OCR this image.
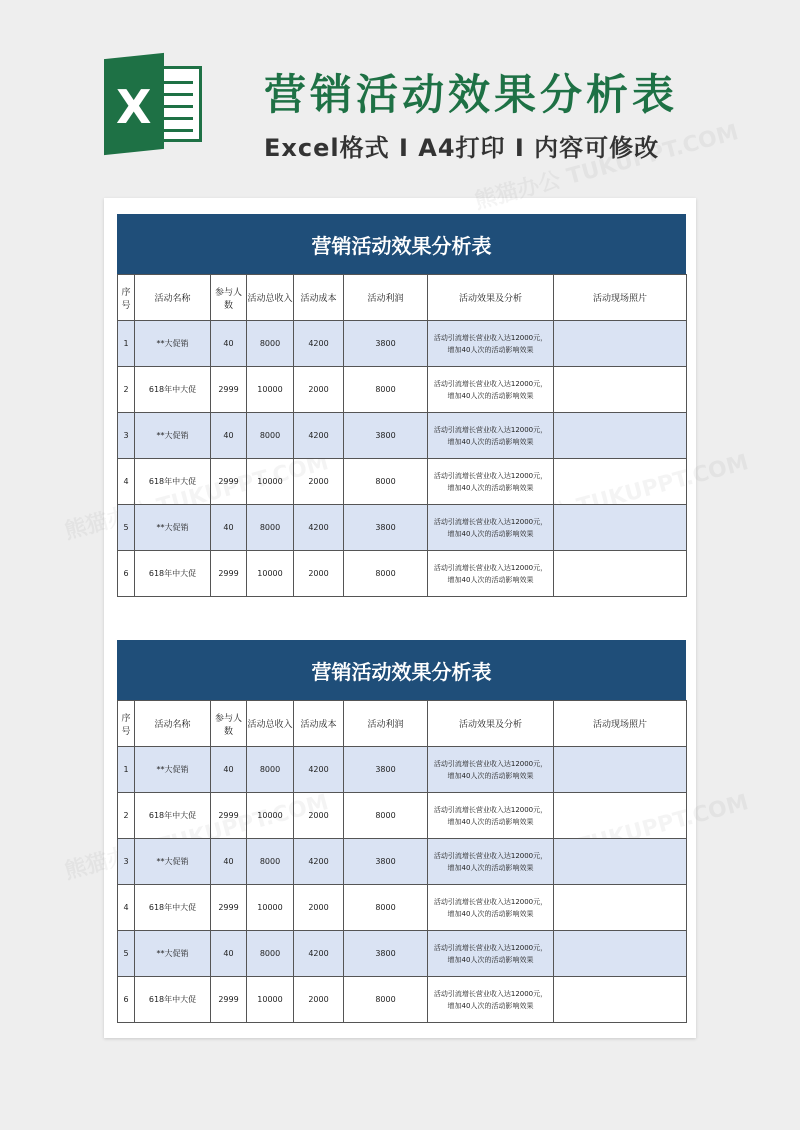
X	营销活动效果分析表
Excel格式 I A4打印 I 内容可修改
营销活动效果分析表
序号	活动名称	参与人数	活动总收入	活动成本	活动利润	活动效果及分析	活动现场照片
1	**大促销	40	8000	4200	3800	活动引流增长营业收入达12000元，增加40人次的活动影响效果	
2	618年中大促	2999	10000	2000	8000	活动引流增长营业收入达12000元，增加40人次的活动影响效果	
3	**大促销	40	8000	4200	3800	活动引流增长营业收入达12000元，增加40人次的活动影响效果	
4	618年中大促	2999	10000	2000	8000	活动引流增长营业收入达12000元，增加40人次的活动影响效果	
5	**大促销	40	8000	4200	3800	活动引流增长营业收入达12000元，增加40人次的活动影响效果	
6	618年中大促	2999	10000	2000	8000	活动引流增长营业收入达12000元，增加40人次的活动影响效果	
营销活动效果分析表
序号	活动名称	参与人数	活动总收入	活动成本	活动利润	活动效果及分析	活动现场照片
1	**大促销	40	8000	4200	3800	活动引流增长营业收入达12000元，增加40人次的活动影响效果	
2	618年中大促	2999	10000	2000	8000	活动引流增长营业收入达12000元，增加40人次的活动影响效果	
3	**大促销	40	8000	4200	3800	活动引流增长营业收入达12000元，增加40人次的活动影响效果	
4	618年中大促	2999	10000	2000	8000	活动引流增长营业收入达12000元，增加40人次的活动影响效果	
5	**大促销	40	8000	4200	3800	活动引流增长营业收入达12000元，增加40人次的活动影响效果	
6	618年中大促	2999	10000	2000	8000	活动引流增长营业收入达12000元，增加40人次的活动影响效果	
